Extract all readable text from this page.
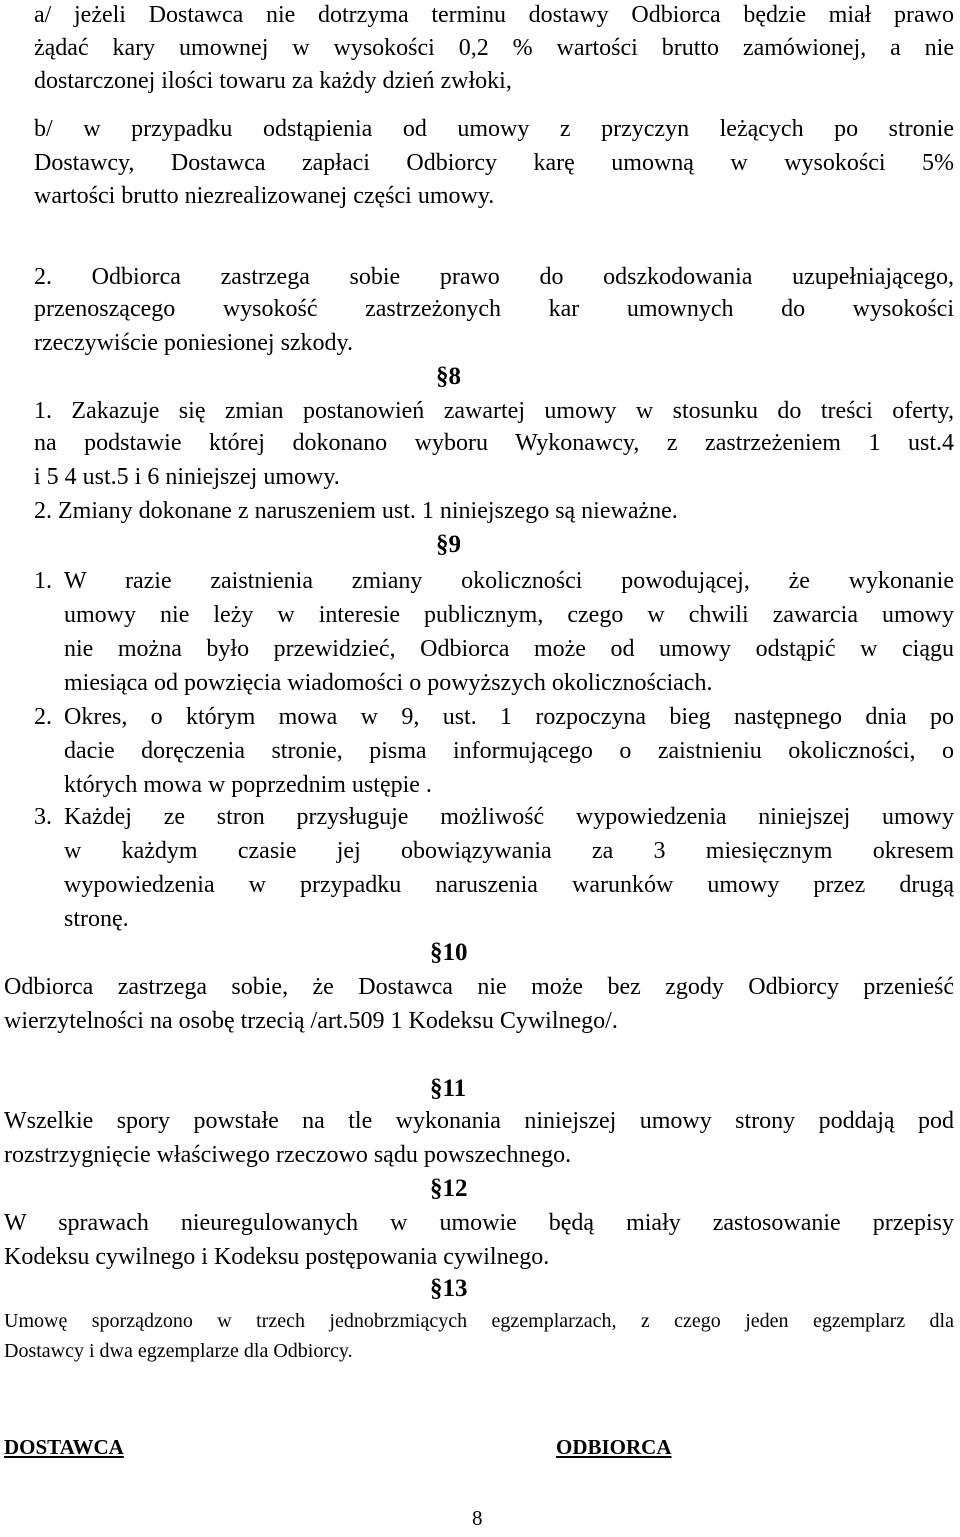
a/ jeżeli Dostawca nie dotrzyma terminu dostawy Odbiorca będzie miał prawo
żądać kary umownej w wysokości 0,2 % wartości brutto zamówionej, a nie
dostarczonej ilości towaru za każdy dzień zwłoki,
b/ w przypadku odstąpienia od umowy z przyczyn leżących po stronie
Dostawcy, Dostawca zapłaci Odbiorcy karę umowną w wysokości 5%
wartości brutto niezrealizowanej części umowy.
2. Odbiorca zastrzega sobie prawo do odszkodowania uzupełniającego,
przenoszącego wysokość zastrzeżonych kar umownych do wysokości
rzeczywiście poniesionej szkody.
§8
1. Zakazuje się zmian postanowień zawartej umowy w stosunku do treści oferty,
na podstawie której dokonano wyboru Wykonawcy, z zastrzeżeniem 1 ust.4
i 5 4 ust.5 i 6 niniejszej umowy.
2. Zmiany dokonane z naruszeniem ust. 1 niniejszego są nieważne.
§9
1. W razie zaistnienia zmiany okoliczności powodującej, że wykonanie
umowy nie leży w interesie publicznym, czego w chwili zawarcia umowy
nie można było przewidzieć, Odbiorca może od umowy odstąpić w ciągu
miesiąca od powzięcia wiadomości o powyższych okolicznościach.
2. Okres, o którym mowa w 9, ust. 1 rozpoczyna bieg następnego dnia po
dacie doręczenia stronie, pisma informującego o zaistnieniu okoliczności, o
których mowa w poprzednim ustępie .
3. Każdej ze stron przysługuje możliwość wypowiedzenia niniejszej umowy
w każdym czasie jej obowiązywania za 3 miesięcznym okresem
wypowiedzenia w przypadku naruszenia warunków umowy przez drugą
stronę.
§10
Odbiorca zastrzega sobie, że Dostawca nie może bez zgody Odbiorcy przenieść
wierzytelności na osobę trzecią /art.509 1 Kodeksu Cywilnego/.
§11
Wszelkie spory powstałe na tle wykonania niniejszej umowy strony poddają pod
rozstrzygnięcie właściwego rzeczowo sądu powszechnego.
§12
W sprawach nieuregulowanych w umowie będą miały zastosowanie przepisy
Kodeksu cywilnego i Kodeksu postępowania cywilnego.
§13
Umowę sporządzono w trzech jednobrzmiących egzemplarzach, z czego jeden egzemplarz dla
Dostawcy i dwa egzemplarze dla Odbiorcy.
DOSTAWCA	ODBIORCA
8
